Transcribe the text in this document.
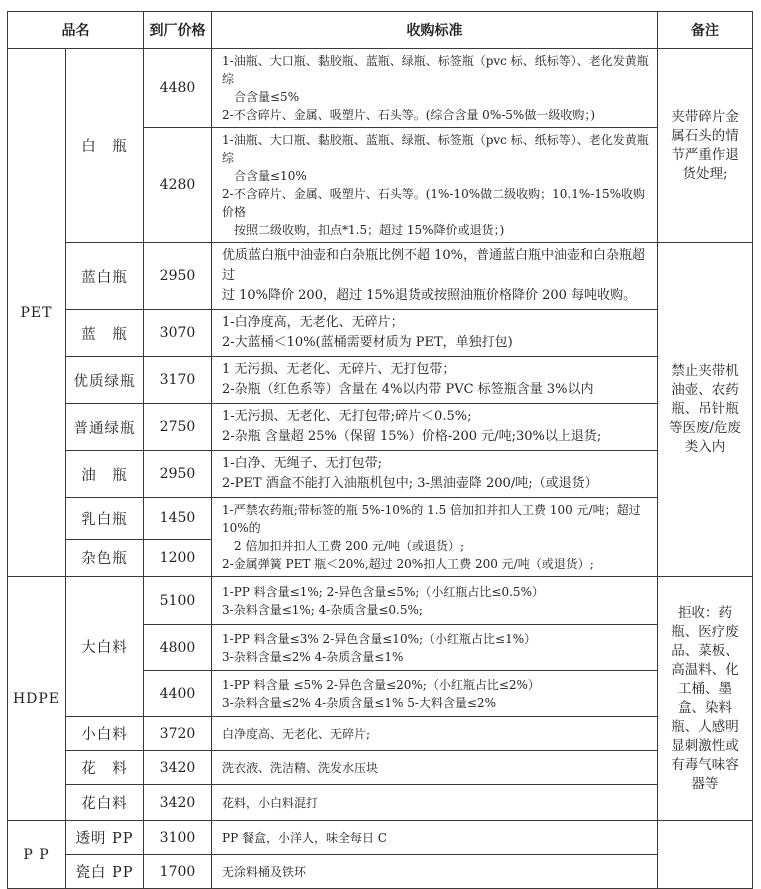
品名		到厂价格	收购标准	备注
PET	白　瓶	4480	1-油瓶、大口瓶、黏胶瓶、蓝瓶、绿瓶、标签瓶（pvc 标、纸标等）、老化发黄瓶综
合含量≤5%
2-不含碎片、金属、吸塑片、石头等。(综合含量 0%-5%做一级收购；)	夹带碎片金属石头的情节严重作退货处理;
		4280	1-油瓶、大口瓶、黏胶瓶、蓝瓶、绿瓶、标签瓶（pvc 标、纸标等）、老化发黄瓶综
合含量≤10%
2-不含碎片、金属、吸塑片、石头等。(1%-10%做二级收购；10.1%-15%收购价格
按照二级收购，扣点*1.5；超过 15%降价或退货；)	

	蓝白瓶	2950	优质蓝白瓶中油壶和白杂瓶比例不超 10%，普通蓝白瓶中油壶和白杂瓶超过
过 10%降价 200，超过 15%退货或按照油瓶价格降价 200 每吨收购。	禁止夹带机油壶、农药瓶、吊针瓶等医废/危废类入内
	蓝　瓶	3070	1-白净度高，无老化、无碎片；
2-大蓝桶＜10%(蓝桶需要材质为 PET，单独打包)	

	优质绿瓶	3170	1 无污损、无老化、无碎片、无打包带；
2-杂瓶（红色系等）含量在 4%以内带 PVC 标签瓶含量 3%以内	

	普通绿瓶	2750	1-无污损、无老化、无打包带;碎片＜0.5%;
2-杂瓶 含量超 25%（保留 15%）价格-200 元/吨;30%以上退货;	

	油　瓶	2950	1-白净、无绳子、无打包带;
2-PET 酒盒不能打入油瓶机包中; 3-黑油壶降 200/吨;（或退货）	

	乳白瓶	1450	1-严禁农药瓶;带标签的瓶 5%-10%的 1.5 倍加扣并扣人工费 100 元/吨；超过 10%的
2 倍加扣并扣人工费 200 元/吨（或退货）;
2-金属弹簧 PET 瓶＜20%,超过 20%扣人工费 200 元/吨（或退货）;	

	杂色瓶	1200		
HDPE	大白料	5100	1-PP 料含量≤1%; 2-异色含量≤5%;（小红瓶占比≤0.5%）
3-杂料含量≤1%; 4-杂质含量≤0.5%;	拒收：药瓶、医疗废品、菜板、高温料、化工桶、墨盒、染料瓶、人感明显刺激性或有毒气味容器等
		4800	1-PP 料含量≤3% 2-异色含量≤10%;（小红瓶占比≤1%）
3-杂料含量≤2% 4-杂质含量≤1%	

		4400	1-PP 料含量 ≤5% 2-异色含量≤20%;（小红瓶占比≤2%）
3-杂料含量≤2% 4-杂质含量≤1% 5-大料含量≤2%	

	小白料	3720	白净度高、无老化、无碎片;	

	花　料	3420	洗衣液、洗洁精、洗发水压块	

	花白料	3420	花料，小白料混打	

P P	透明 PP	3100	PP 餐盒，小洋人，味全每日 C	

	瓷白 PP	1700	无涂料桶及铁环	
